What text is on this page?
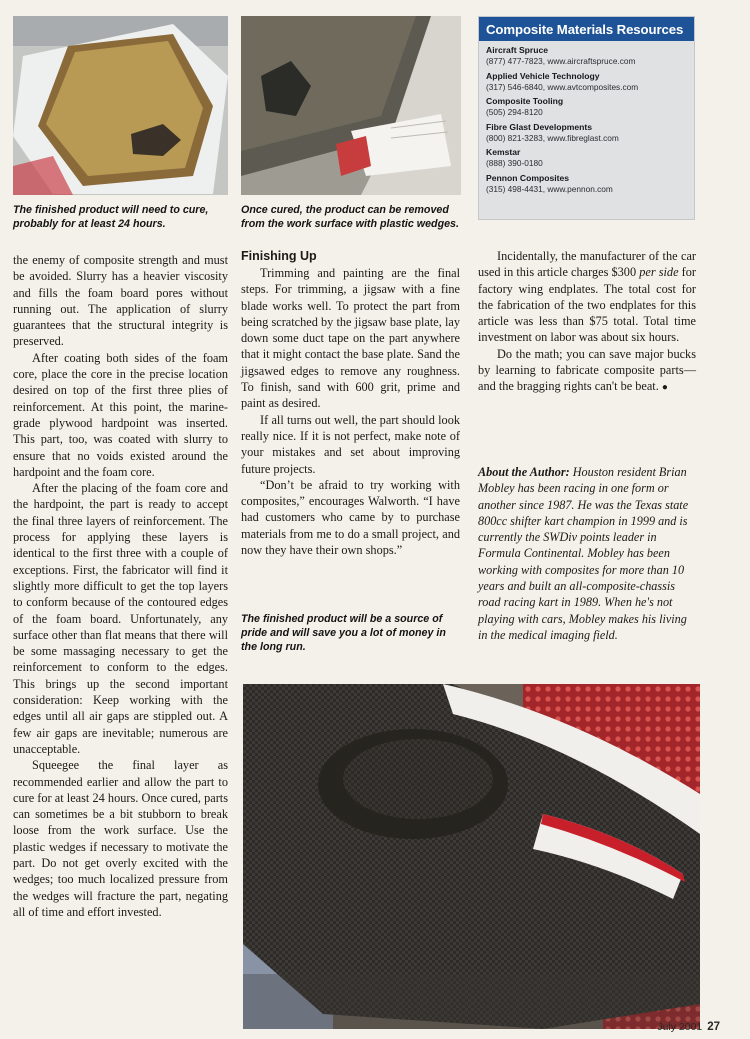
Composite Materials Resources
Aircraft Spruce
(877) 477-7823, www.aircraftspruce.com
Applied Vehicle Technology
(317) 546-6840, www.avtcomposites.com
Composite Tooling
(505) 294-8120
Fibre Glast Developments
(800) 821-3283, www.fibreglast.com
Kemstar
(888) 390-0180
Pennon Composites
(315) 498-4431, www.pennon.com
The finished product will need to cure, probably for at least 24 hours.
Once cured, the product can be removed from the work surface with plastic wedges.

the enemy of composite strength and must be avoided. Slurry has a heavier viscosity and fills the foam board pores without running out. The application of slurry guarantees that the structural integrity is preserved.

After coating both sides of the foam core, place the core in the precise location desired on top of the first three plies of reinforcement. At this point, the marine-grade plywood hardpoint was inserted. This part, too, was coated with slurry to ensure that no voids existed around the hardpoint and the foam core.

After the placing of the foam core and the hardpoint, the part is ready to accept the final three layers of reinforcement. The process for applying these layers is identical to the first three with a couple of exceptions. First, the fabricator will find it slightly more difficult to get the top layers to conform because of the contoured edges of the foam board. Unfortunately, any surface other than flat means that there will be some massaging necessary to get the reinforcement to conform to the edges. This brings up the second important consideration: Keep working with the edges until all air gaps are stippled out. A few air gaps are inevitable; numerous are unacceptable.

Squeegee the final layer as recommended earlier and allow the part to cure for at least 24 hours. Once cured, parts can sometimes be a bit stubborn to break loose from the work surface. Use the plastic wedges if necessary to motivate the part. Do not get overly excited with the wedges; too much localized pressure from the wedges will fracture the part, negating all of time and effort invested.

Finishing Up

Trimming and painting are the final steps. For trimming, a jigsaw with a fine blade works well. To protect the part from being scratched by the jigsaw base plate, lay down some duct tape on the part anywhere that it might contact the base plate. Sand the jigsawed edges to remove any roughness. To finish, sand with 600 grit, prime and paint as desired.

If all turns out well, the part should look really nice. If it is not perfect, make note of your mistakes and set about improving future projects.

“Don’t be afraid to try working with composites,” encourages Walworth. “I have had customers who came by to purchase materials from me to do a small project, and now they have their own shops.”

The finished product will be a source of pride and will save you a lot of money in the long run.

Incidentally, the manufacturer of the car used in this article charges $300 per side for factory wing endplates. The total cost for the fabrication of the two endplates for this article was less than $75 total. Total time investment on labor was about six hours.

Do the math; you can save major bucks by learning to fabricate composite parts—and the bragging rights can't be beat. ●

About the Author: Houston resident Brian Mobley has been racing in one form or another since 1987. He was the Texas state 800cc shifter kart champion in 1999 and is currently the SWDiv points leader in Formula Continental. Mobley has been working with composites for more than 10 years and built an all-composite-chassis road racing kart in 1989. When he's not playing with cars, Mobley makes his living in the medical imaging field.
July 2001 27
